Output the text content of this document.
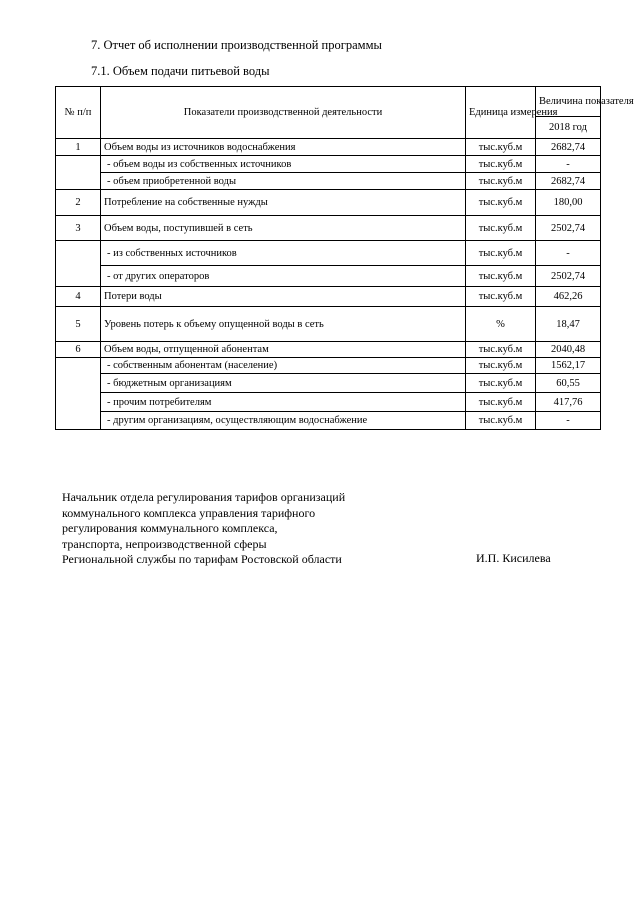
7. Отчет об исполнении производственной программы
7.1. Объем подачи питьевой воды
№ п/п	Показатели производственной деятельности	Единица измерения	Величина показателя
			2018 год
1	Объем воды из источников водоснабжения	тыс.куб.м	2682,74
	- объем воды из собственных источников	тыс.куб.м	-
	- объем приобретенной воды	тыс.куб.м	2682,74
2	Потребление на собственные нужды	тыс.куб.м	180,00
3	Объем воды, поступившей в сеть	тыс.куб.м	2502,74
	- из собственных источников	тыс.куб.м	-
	- от других операторов	тыс.куб.м	2502,74
4	Потери воды	тыс.куб.м	462,26
5	Уровень потерь к объему опущенной воды в сеть	%	18,47
6	Объем воды, отпущенной абонентам	тыс.куб.м	2040,48
	- собственным абонентам (население)	тыс.куб.м	1562,17
	- бюджетным организациям	тыс.куб.м	60,55
	- прочим потребителям	тыс.куб.м	417,76
	- другим организациям, осуществляющим водоснабжение	тыс.куб.м	-
Начальник отдела регулирования тарифов организаций
коммунального комплекса управления тарифного
регулирования коммунального комплекса,
транспорта, непроизводственной сферы
Региональной службы по тарифам Ростовской области	И.П. Кисилева
